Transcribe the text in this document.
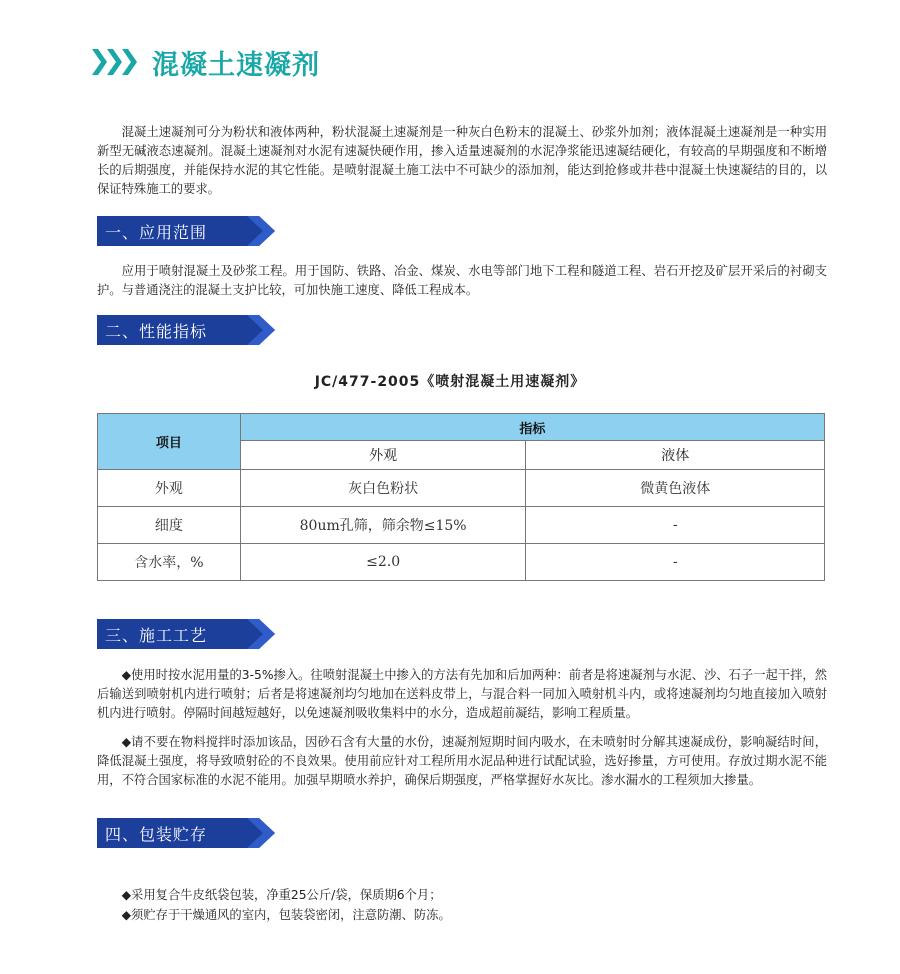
混凝土速凝剂

混凝土速凝剂可分为粉状和液体两种，粉状混凝土速凝剂是一种灰白色粉末的混凝土、砂浆外加剂；液体混凝土速凝剂是一种实用新型无碱液态速凝剂。混凝土速凝剂对水泥有速凝快硬作用，掺入适量速凝剂的水泥净浆能迅速凝结硬化，有较高的早期强度和不断增长的后期强度，并能保持水泥的其它性能。是喷射混凝土施工法中不可缺少的添加剂，能达到抢修或井巷中混凝土快速凝结的目的，以保证特殊施工的要求。

一、应用范围

应用于喷射混凝土及砂浆工程。用于国防、铁路、冶金、煤炭、水电等部门地下工程和隧道工程、岩石开挖及矿层开采后的衬砌支护。与普通浇注的混凝土支护比较，可加快施工速度、降低工程成本。

二、性能指标
JC/477-2005《喷射混凝土用速凝剂》
项目	指标	
	外观	液体
外观	灰白色粉状	微黄色液体
细度	80um孔筛，筛余物≤15%	-
含水率，%	≤2.0	-
三、施工工艺

◆使用时按水泥用量的3-5%掺入。往喷射混凝土中掺入的方法有先加和后加两种：前者是将速凝剂与水泥、沙、石子一起干拌，然后输送到喷射机内进行喷射；后者是将速凝剂均匀地加在送料皮带上，与混合料一同加入喷射机斗内，或将速凝剂均匀地直接加入喷射机内进行喷射。停隔时间越短越好，以免速凝剂吸收集料中的水分，造成超前凝结，影响工程质量。

◆请不要在物料搅拌时添加该品，因砂石含有大量的水份，速凝剂短期时间内吸水，在未喷射时分解其速凝成份，影响凝结时间，降低混凝土强度，将导致喷射砼的不良效果。使用前应针对工程所用水泥品种进行试配试验，选好掺量，方可使用。存放过期水泥不能用，不符合国家标准的水泥不能用。加强早期喷水养护，确保后期强度，严格掌握好水灰比。渗水漏水的工程须加大掺量。

四、包装贮存

◆采用复合牛皮纸袋包装，净重25公斤/袋，保质期6个月；

◆须贮存于干燥通风的室内，包装袋密闭，注意防潮、防冻。
